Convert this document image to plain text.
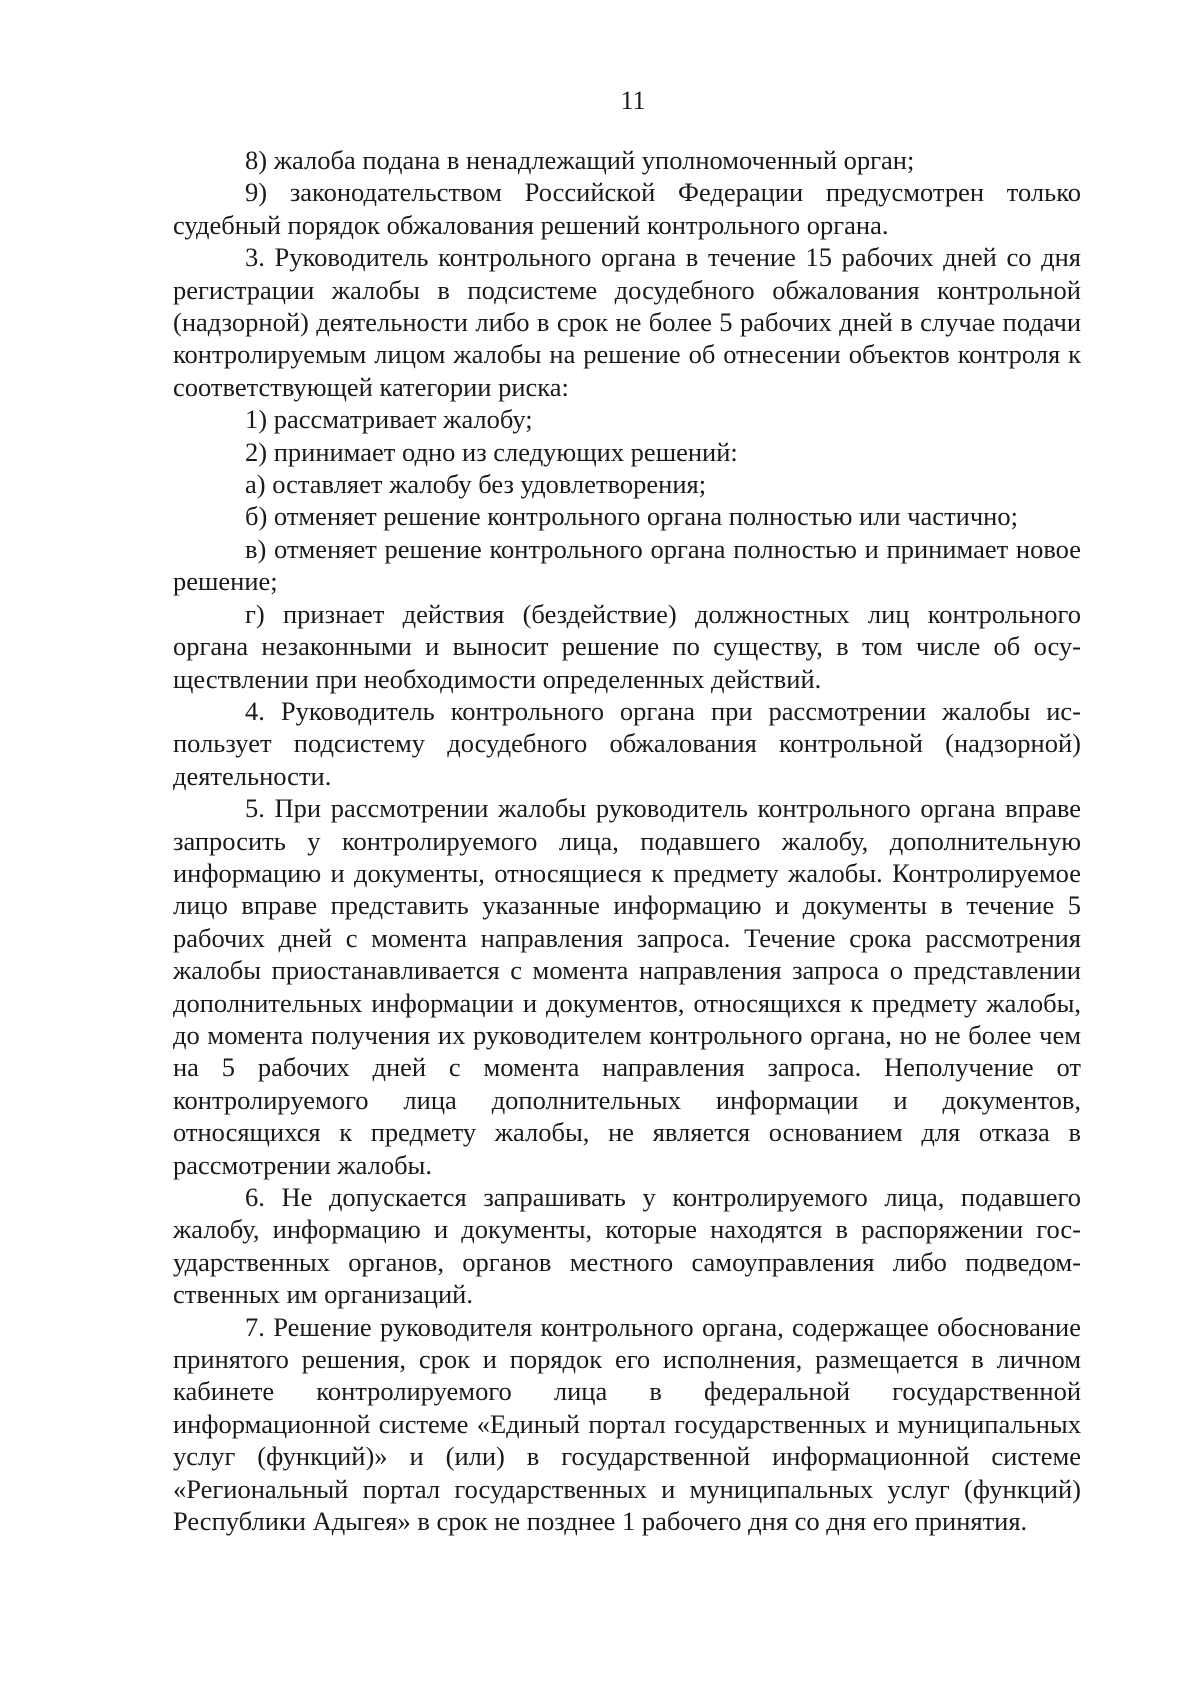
11

8) жалоба подана в ненадлежащий уполномоченный орган;

9) законодательством Российской Федерации предусмотрен только судебный порядок обжалования решений контрольного органа.

3. Руководитель контрольного органа в течение 15 рабочих дней со дня регистрации жалобы в подсистеме досудебного обжалования контрольной (надзорной) деятельности либо в срок не более 5 рабочих дней в случае подачи контролируемым лицом жалобы на решение об отнесении объектов контроля к соответствующей категории риска:

1) рассматривает жалобу;

2) принимает одно из следующих решений:

а) оставляет жалобу без удовлетворения;

б) отменяет решение контрольного органа полностью или частично;

в) отменяет решение контрольного органа полностью и принимает новое решение;

г) признает действия (бездействие) должностных лиц контрольного органа незаконными и выносит решение по существу, в том числе об осуществлении при необходимости определенных действий.

4. Руководитель контрольного органа при рассмотрении жалобы использует подсистему досудебного обжалования контрольной (надзорной) деятельности.

5. При рассмотрении жалобы руководитель контрольного органа вправе запросить у контролируемого лица, подавшего жалобу, дополнительную информацию и документы, относящиеся к предмету жалобы. Контролируемое лицо вправе представить указанные информацию и документы в течение 5 рабочих дней с момента направления запроса. Течение срока рассмотрения жалобы приостанавливается с момента направления запроса о представлении дополнительных информации и документов, относящихся к предмету жалобы, до момента получения их руководителем контрольного органа, но не более чем на 5 рабочих дней с момента направления запроса. Неполучение от контролируемого лица дополнительных информации и документов, относящихся к предмету жалобы, не является основанием для отказа в рассмотрении жалобы.

6. Не допускается запрашивать у контролируемого лица, подавшего жалобу, информацию и документы, которые находятся в распоряжении государственных органов, органов местного самоуправления либо подведомственных им организаций.

7. Решение руководителя контрольного органа, содержащее обоснование принятого решения, срок и порядок его исполнения, размещается в личном кабинете контролируемого лица в федеральной государственной информационной системе «Единый портал государственных и муниципальных услуг (функций)» и (или) в государственной информационной системе «Региональный портал государственных и муниципальных услуг (функций) Республики Адыгея» в срок не позднее 1 рабочего дня со дня его принятия.
